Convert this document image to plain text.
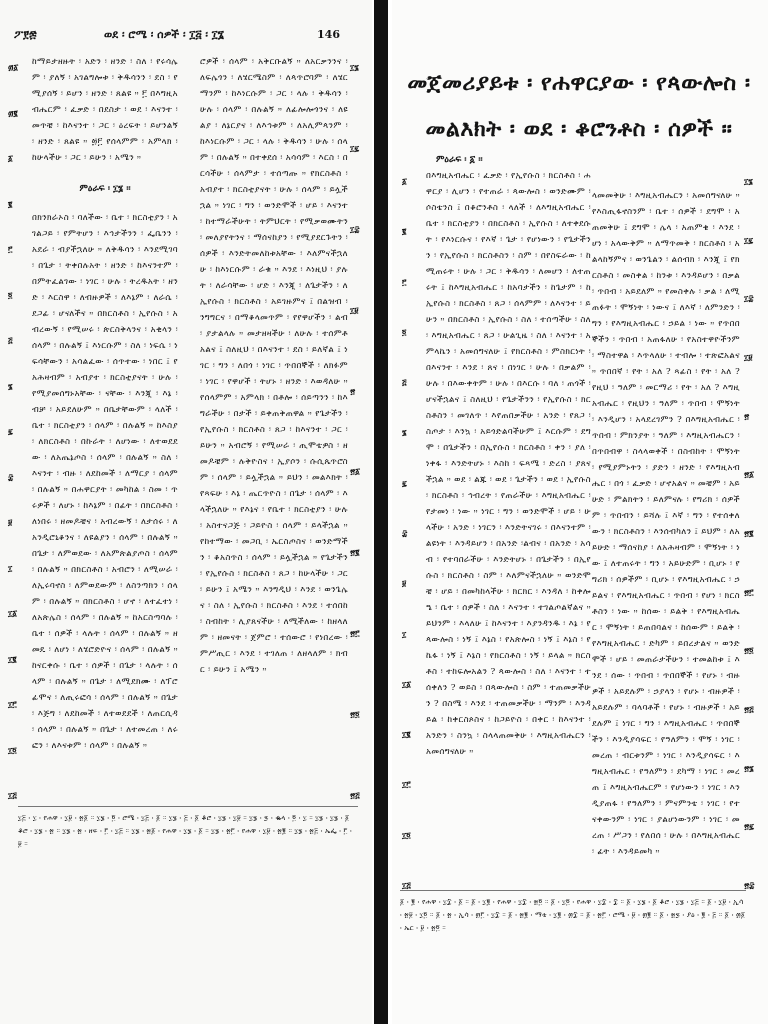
ፖ፻፷	ወደ ፡ ሮሜ ፡ ሰዎች ፡ ፲፭ ፡ ፲፮	146

ከማይታዘዙት ፡ አድን ፡ ዘንድ ፡ ስለ ፡ የሩሳሌም ፡ ያለኝ ፡ አገልግሎቱ ፡ ቅዱሳንን ፡ ደስ ፡ የሚያሰኝ ፡ ይሆን ፡ ዘንድ ፡ ጸልዩ ። ፫ በእግዚአብሔርም ፡ ፈቃድ ፡ በደስታ ፡ ወደ ፡ እናንተ ፡ መጥቼ ፡ ከእናንተ ፡ ጋር ፡ ዕረፍት ፡ ይሆንልኝ ፡ ዘንድ ፡ ጸልዩ ። ፴፫ የሰላምም ፡ አምላክ ፡ ከሁላችሁ ፡ ጋር ፡ ይሁን ፡ አሜን ።

ምዕራፍ ፡ ፲፮ ።

በክንክራኦስ ፡ ባለችው ፡ ቤተ ፡ ክርስቲያን ፡ አገልጋይ ፡ የምትሆን ፡ እኅታችንን ፡ ፌቤንን ፡ አደራ ፡ ብያችኋለሁ ። ለቅዱሳን ፡ እንደሚገባ ፡ በጌታ ፡ ትቀበሉአት ፡ ዘንድ ፡ ከእናንተም ፡ በምትፈልገው ፡ ነገር ፡ ሁሉ ፡ ትረዱአት ፡ ዘንድ ፡ እርስዋ ፡ ለብዙዎች ፡ ለእኔም ፡ ለራሴ ፡ ደጋፊ ፡ ሆናለችና ። በክርስቶስ ፡ ኢየሱስ ፡ አብረውኝ ፡ የሚሠሩ ፡ ጵርስቅላንና ፡ አቂላን ፡ ሰላም ፡ በሉልኝ ፤ እነርሱም ፡ ስለ ፡ ነፍሴ ፡ ነፍሳቸውን ፡ አሳልፈው ፡ ሰጥተው ፡ ነበር ፤ የአሕዛብም ፡ አብያተ ፡ ክርስቲያናት ፡ ሁሉ ፡ የሚያመሰግኑአቸው ፡ ናቸው ፡ እንጂ ፡ እኔ ፡ ብቻ ፡ አይደለሁም ። በቤታቸውም ፡ ላለች ፡ ቤተ ፡ ክርስቲያን ፡ ሰላም ፡ በሉልኝ ። ከእስያ ፡ ለክርስቶስ ፡ በኩራት ፡ ለሆነው ፡ ለተወደደው ፡ ለአጤኔጦስ ፡ ሰላም ፡ በሉልኝ ። ስለ ፡ እናንተ ፡ ብዙ ፡ ለደከመች ፡ ለማርያ ፡ ሰላም ፡ በሉልኝ ። በሐዋርያት ፡ መካከል ፡ ስመ ፡ ጥሩዎች ፡ ለሆኑ ፡ ከእኔም ፡ በፊት ፡ በክርስቶስ ፡ ለነበሩ ፡ ዘመዶቼና ፡ አብረውኝ ፡ ለታሰሩ ፡ ለአንዲሮኒቆንና ፡ ለዩልያን ፡ ሰላም ፡ በሉልኝ ። በጌታ ፡ ለምወደው ፡ ለአምጵልያጦስ ፡ ሰላም ፡ በሉልኝ ። በክርስቶስ ፡ አብሮን ፡ ለሚሠራ ፡ ለኢሩባኖስ ፡ ለምወደውም ፡ ለስንጣክን ፡ ሰላም ፡ በሉልኝ ። በክርስቶስ ፡ ሆኖ ፡ ለተፈተነ ፡ ለአጵሌስ ፡ ሰላም ፡ በሉልኝ ። ከአርስጣባሉ ፡ ቤተ ፡ ሰዎች ፡ ላሉት ፡ ሰላም ፡ በሉልኝ ። ዘመዴ ፡ ለሆነ ፡ ለሄሮድዮና ፡ ሰላም ፡ በሉልኝ ። ከናርቀሱ ፡ ቤተ ፡ ሰዎች ፡ በጌታ ፡ ላሉት ፡ ሰላም ፡ በሉልኝ ። በጌታ ፡ ለሚደክሙ ፡ ለፕሮፊሞና ፡ ለጢሩፎሳ ፡ ሰላም ፡ በሉልኝ ። በጌታ ፡ እጅግ ፡ ለደከመች ፡ ለተወደደች ፡ ለጠርሲዳ ፡ ሰላም ፡ በሉልኝ ። በጌታ ፡ ለተመረጠ ፡ ለሩፎን ፡ ለእናቱም ፡ ሰላም ፡ በሉልኝ ።

ሮዎች ፡ ሰላም ፡ አቅርቡልኝ ። ለአርቃንንና ፡ ለፍሌጎን ፡ ለሄርሜስም ፡ ለጳጥሮባም ፡ ለሄርማንም ፡ ከእነርሱም ፡ ጋር ፡ ላሉ ፡ ቅዱሳን ፡ ሁሉ ፡ ሰላም ፡ በሉልኝ ። ለፊሎሎጎንና ፡ ለዩልያ ፡ ለኔርያና ፡ ለእኅቱም ፡ ለአሊምጳንም ፡ ከእነርሱም ፡ ጋር ፡ ላሉ ፡ ቅዱሳን ፡ ሁሉ ፡ ሰላም ፡ በሉልኝ ። በተቀደሰ ፡ አሳሳም ፡ እርስ ፡ በርሳችሁ ፡ ሰላምታ ፡ ተሰጣጡ ። የክርስቶስ ፡ አብያተ ፡ ክርስቲያናት ፡ ሁሉ ፡ ሰላም ፡ ይሏችኋል ። ነገር ፡ ግን ፡ ወንድሞች ፡ ሆይ ፡ እናንተ ፡ ከተማራችሁት ፡ ትምህርት ፡ የሚቃወሙትን ፡ መለያየትንና ፡ ማሰናከያን ፡ የሚያደርጉትን ፡ ሰዎች ፡ እንድትመለከቱአቸው ፡ እለምናችኋለሁ ፡ ከእነርሱም ፡ ራቁ ። እንደ ፡ እነዚህ ፡ ያሉት ፡ ለራሳቸው ፡ ሆድ ፡ እንጂ ፡ ለጌታችን ፡ ለኢየሱስ ፡ ክርስቶስ ፡ አይገዙምና ፤ በልዝብ ፡ ንግግርና ፡ በማቆላመጥም ፡ የየዋሆችን ፡ ልብ ፡ ያታልላሉ ። መታዘዛችሁ ፡ ለሁሉ ፡ ተሰምቶአልና ፤ ስለዚህ ፡ በእናንተ ፡ ደስ ፡ ይለኛል ፤ ነገር ፡ ግን ፡ ለበጎ ፡ ነገር ፡ ጥበበኞች ፡ ለክፉም ፡ ነገር ፡ የዋሆች ፡ ትሆኑ ፡ ዘንድ ፡ እወዳለሁ ። የሰላምም ፡ አምላክ ፡ በቶሎ ፡ ሰይጣንን ፡ ከእግራችሁ ፡ በታች ፡ ይቀጠቅጠዋል ። የጌታችን ፡ የኢየሱስ ፡ ክርስቶስ ፡ ጸጋ ፡ ከእናንተ ፡ ጋር ፡ ይሁን ። አብሮኝ ፡ የሚሠራ ፡ ጢሞቴዎስ ፡ ዘመዶቼም ፡ ሉቅዮስና ፡ ኢያሶን ፡ ሱሲጴጥሮስም ፡ ሰላም ፡ ይሏችኋል ። ይህን ፡ መልእክት ፡ የጻፍሁ ፡ እኔ ፡ ጤርጥዮስ ፡ በጌታ ፡ ሰላም ፡ እላችኋለሁ ። የእኔና ፡ የቤተ ፡ ክርስቲያን ፡ ሁሉ ፡ አስተናጋጅ ፡ ጋይዮስ ፡ ሰላም ፡ ይላችኋል ። የከተማው ፡ መጋቢ ፡ ኤርስጦስና ፡ ወንድማችን ፡ ቆአስጥስ ፡ ሰላም ፡ ይሏችኋል ። የጌታችን ፡ የኢየሱስ ፡ ክርስቶስ ፡ ጸጋ ፡ ከሁላችሁ ፡ ጋር ፡ ይሁን ፤ አሜን ። እንግዲህ ፡ እንደ ፡ ወንጌሌና ፡ ስለ ፡ ኢየሱስ ፡ ክርስቶስ ፡ እንደ ፡ ተሰበከ ፡ ስብከት ፡ ሊያጸናችሁ ፡ ለሚችለው ፡ ከዘላለም ፡ ዘመናት ፡ ጀምሮ ፡ ተሰውሮ ፡ የነበረው ፡ ምሥጢር ፡ እንደ ፡ ተገለጠ ፡ ለዘላለም ፡ ክብር ፡ ይሁን ፤ አሜን ።

፴፩
፴፪
፩
፪
፫
፬
፭
፮
፯
፰
፱
፲
፲፩
፲፪
፲፫
፲፬
፲፭
፲፮
፲፯
፲፰
፲፱
፳
፳፩
፳፪
፳፫
፳፬
፳፭
፲፭ ፡ ፲ ፡ የሐዋ ፡ ፲፱ ፡ ፳፩ ። ፲፮ ፡ ፬ ፡ ሮሜ ፡ ፲፭ ፡ ፩ ። ፲፮ ፡ ፭ ፡ ፩ ቆሮ ፡ ፲፮ ፡ ፲፱ ። ፲፮ ፡ ፯ ፡ ቈላ ፡ ፬ ፡ ፲ ። ፲፮ ፡ ፲፮ ፡ ፩ ቆሮ ፡ ፲፮ ፡ ፳ ። ፲፮ ፡ ፳ ፡ ዘፍ ፡ ፫ ፡ ፲፭ ። ፲፮ ፡ ፳፩ ፡ የሐዋ ፡ ፲፮ ፡ ፩ ። ፲፮ ፡ ፳፫ ፡ የሐዋ ፡ ፲፱ ፡ ፳፪ ። ፲፮ ፡ ፳፭ ፡ ኤፌ ፡ ፫ ፡ ፱ ።

በእግዚአብሔር ፡ ፈቃድ ፡ የኢየሱስ ፡ ክርስቶስ ፡ ሐዋርያ ፡ ሊሆን ፡ የተጠራ ፡ ጳውሎስ ፡ ወንድሙም ፡ ሶስቴንስ ፤ በቆሮንቶስ ፡ ላለች ፡ ለእግዚአብሔር ፡ ቤተ ፡ ክርስቲያን ፡ በክርስቶስ ፡ ኢየሱስ ፡ ለተቀደሱት ፡ የእነርሱና ፡ የእኛ ፡ ጌታ ፡ የሆነውን ፡ የጌታችንን ፡ የኢየሱስ ፡ ክርስቶስን ፡ ስም ፡ በየስፍራው ፡ ከሚጠሩት ፡ ሁሉ ፡ ጋር ፡ ቅዱሳን ፡ ለመሆን ፡ ለተጠሩት ፤ ከእግዚአብሔር ፡ ከአባታችን ፡ ከጌታም ፡ ከኢየሱስ ፡ ክርስቶስ ፡ ጸጋ ፡ ሰላምም ፡ ለእናንተ ፡ ይሁን ። በክርስቶስ ፡ ኢየሱስ ፡ ስለ ፡ ተሰጣችሁ ፡ ስለ ፡ እግዚአብሔር ፡ ጸጋ ፡ ሁልጊዜ ፡ ስለ ፡ እናንተ ፡ አምላኬን ፡ አመሰግናለሁ ፤ የክርስቶስ ፡ ምስክርነት ፡ በእናንተ ፡ እንደ ፡ ጸና ፡ በነገር ፡ ሁሉ ፡ በቃልም ፡ ሁሉ ፡ በእውቀትም ፡ ሁሉ ፡ በእርሱ ፡ ባለ ፡ ጠጎች ፡ ሆናችኋልና ፤ ስለዚህ ፡ የጌታችንን ፡ የኢየሱስ ፡ ክርስቶስን ፡ መገለጥ ፡ እየጠበቃችሁ ፡ አንድ ፡ የጸጋ ፡ ስጦታ ፡ እንኳ ፡ አይጎድልባችሁም ፤ እርሱም ፡ ደግሞ ፡ በጌታችን ፡ በኢየሱስ ፡ ክርስቶስ ፡ ቀን ፡ ያለ ፡ ነቀፋ ፡ እንድትሆኑ ፡ እስከ ፡ ፍጻሜ ፡ ድረስ ፡ ያጸናችኋል ። ወደ ፡ ልጁ ፡ ወደ ፡ ጌታችን ፡ ወደ ፡ ኢየሱስ ፡ ክርስቶስ ፡ ኅብረት ፡ የጠራችሁ ፡ እግዚአብሔር ፡ የታመነ ፡ ነው ። ነገር ፡ ግን ፡ ወንድሞች ፡ ሆይ ፡ ሁላችሁ ፡ አንድ ፡ ነገርን ፡ እንድትናገሩ ፡ በእናንተም ፡ ልዩነት ፡ እንዳይሆን ፡ በአንድ ፡ልብና ፡ በአንድ ፡ አሳብ ፡ የተባበራችሁ ፡ እንድትሆኑ ፡ በጌታችን ፡ በኢየሱስ ፡ ክርስቶስ ፡ ስም ፡ እለምናችኋለሁ ። ወንድሞቼ ፡ ሆይ ፡ በመካከላችሁ ፡ ክርክር ፡ እንዳለ ፡ ከቀሎዔ ፡ ቤተ ፡ ሰዎች ፡ ስለ ፡ እናንተ ፡ ተገልጦልኛልና ። ይህንም ፡ እላለሁ ፤ ከእናንተ ፡ እያንዳንዱ ፡ እኔ ፡ የጳውሎስ ፡ ነኝ ፤ እኔስ ፡ የአጵሎስ ፡ ነኝ ፤ እኔስ ፡ የኬፋ ፡ ነኝ ፤ እኔስ ፡ የክርስቶስ ፡ ነኝ ፡ ይላል ። ክርስቶስ ፡ ተከፍሎአልን ? ጳውሎስ ፡ ስለ ፡ እናንተ ፡ ተሰቀለን ? ወይስ ፡ በጳውሎስ ፡ ስም ፡ ተጠመቃችሁን ? በስሜ ፡ እንደ ፡ ተጠመቃችሁ ፡ ማንም ፡ እንዳይል ፡ ከቀርስጶስና ፡ ከጋይዮስ ፡ በቀር ፡ ከእናንተ ፡ አንድን ፡ ስንኳ ፡ ስላላጠመቅሁ ፡ እግዚአብሔርን ፡ አመሰግናለሁ ።

ላመመቅሁ ፡ እግዚአብሔርን ፡ አመሰግናለሁ ። የእስጢፋኖስንም ፡ ቤተ ፡ ሰዎች ፡ ደግሞ ፡ አጠመቅሁ ፤ ደግሞ ፡ ሌላ ፡ አጠምቄ ፡ እንደ ፡ ሆነ ፡ አላውቅም ። ለማጥመቅ ፡ ክርስቶስ ፡ አልላከኝምና ፡ ወንጌልን ፡ ልሰብክ ፡ እንጂ ፤ የክርስቶስ ፡ መስቀል ፡ ከንቱ ፡ እንዳይሆን ፡ በቃል ፡ ጥበብ ፡ አይደለም ። የመስቀሉ ፡ ቃል ፡ ለሚጠፉት ፡ ሞኝነት ፡ ነውና ፤ ለእኛ ፡ ለምንድን ፡ ግን ፡ የእግዚአብሔር ፡ ኃይል ፡ ነው ። የጥበበኞችን ፡ ጥበብ ፡ አጠፋለሁ ፡ የአስተዋዮችንም ፡ ማስተዋል ፡ እጥላለሁ ፡ ተብሎ ፡ ተጽፎአልና ። ጥበበኛ ፡ የት ፡ አለ ? ጻፊስ ፡ የት ፡ አለ ? የዚህ ፡ ዓለም ፡ መርማሪ ፡ የት ፡ አለ ? እግዚአብሔር ፡ የዚህን ፡ ዓለም ፡ ጥበብ ፡ ሞኝነት ፡ እንዲሆን ፡ አላደረገምን ? በእግዚአብሔር ፡ ጥበብ ፡ ምክንያት ፡ ዓለም ፡ እግዚአብሔርን ፡ በጥበብዋ ፡ ስላላወቀች ፡ በስብከት ፡ ሞኝነት ፡ የሚያምኑትን ፡ ያድን ፡ ዘንድ ፡ የእግዚአብሔር ፡ በጎ ፡ ፈቃድ ፡ ሆኖአልና ። መቼም ፡ አይሁድ ፡ ምልክትን ፡ ይለምናሉ ፡ የግሪክ ፡ ሰዎችም ፡ ጥበብን ፡ ይሻሉ ፤ እኛ ፡ ግን ፡ የተሰቀለውን ፡ ክርስቶስን ፡ እንሰብካለን ፤ ይህም ፡ ለአይሁድ ፡ ማሰናከያ ፡ ለአሕዛብም ፡ ሞኝነት ፡ ነው ፤ ለተጠሩት ፡ ግን ፡ አይሁድም ፡ ቢሆኑ ፡ የግሪክ ፡ ሰዎችም ፡ ቢሆኑ ፡ የእግዚአብሔር ፡ ኃይልና ፡ የእግዚአብሔር ፡ ጥበብ ፡ የሆነ ፡ ክርስቶስን ፡ ነው ። ከሰው ፡ ይልቅ ፡ የእግዚአብሔር ፡ ሞኝነት ፡ ይጠበባልና ፡ ከሰውም ፡ ይልቅ ፡ የእግዚአብሔር ፡ ድካም ፡ ይበረታልና ። ወንድሞች ፡ ሆይ ፡ መጠራታችሁን ፡ ተመልከቱ ፤ እንደ ፡ ሰው ፡ ጥበብ ፡ ጥበበኞች ፡ የሆኑ ፡ ብዙዎች ፡ አይደሉም ፡ ኃያላን ፡ የሆኑ ፡ ብዙዎች ፡ አይደሉም ፡ ባላባቶች ፡ የሆኑ ፡ ብዙዎች ፡ አይደሉም ፤ ነገር ፡ ግን ፡ እግዚአብሔር ፡ ጥበበኞችን ፡ እንዲያሳፍር ፡ የዓለምን ፡ ሞኝ ፡ ነገር ፡ መረጠ ፡ ብርቱንም ፡ ነገር ፡ እንዲያሳፍር ፡ እግዚአብሔር ፡ የዓለምን ፡ ደካማ ፡ ነገር ፡ መረጠ ፤ እግዚአብሔርም ፡ የሆነውን ፡ ነገር ፡ እንዲያጠፋ ፡ የዓለምን ፡ ምናምንቴ ፡ ነገር ፡ የተናቀውንም ፡ ነገር ፡ ያልሆነውንም ፡ ነገር ፡ መረጠ ፡ ሥጋን ፡ የለበሰ ፡ ሁሉ ፡ በእግዚአብሔር ፡ ፊት ፡ እንዳይመካ ።

፩
፪
፫
፬
፭
፮
፯
፰
፱
፲
፲፩
፲፪
፲፫
፲፬
፲፭
፲፮
፲፯
፲፰
፲፱
፳
፳፩
፳፪
፳፫
፳፬
፳፭
፳፮
፳፯
፳፰
መጀመሪያይቱ ፡ የሐዋርያው ፡ የጳውሎስ ፡
መልእክት ፡ ወደ ፡ ቆሮንቶስ ፡ ሰዎች ።
ምዕራፍ ፡ ፩ ።
፩ ፡ ፪ ፡ የሐዋ ፡ ፲፰ ፡ ፩ ። ፩ ፡ ፲፪ ፡ የሐዋ ፡ ፲፰ ፡ ፳፬ ። ፩ ፡ ፲፬ ፡ የሐዋ ፡ ፲፰ ፡ ፰ ። ፩ ፡ ፲፮ ፡ ፩ ቆሮ ፡ ፲፮ ፡ ፲፭ ። ፩ ፡ ፲፱ ፡ ኢሳ ፡ ፳፱ ፡ ፲፬ ። ፩ ፡ ፳ ፡ ኢሳ ፡ ፴፫ ፡ ፲፰ ። ፩ ፡ ፳፪ ፡ ማቴ ፡ ፲፪ ፡ ፴፰ ። ፩ ፡ ፳፫ ፡ ሮሜ ፡ ፱ ፡ ፴፪ ። ፩ ፡ ፳፯ ፡ ያዕ ፡ ፪ ፡ ፭ ። ፩ ፡ ፴፩ ፡ ኤር ፡ ፱ ፡ ፳፬ ።
